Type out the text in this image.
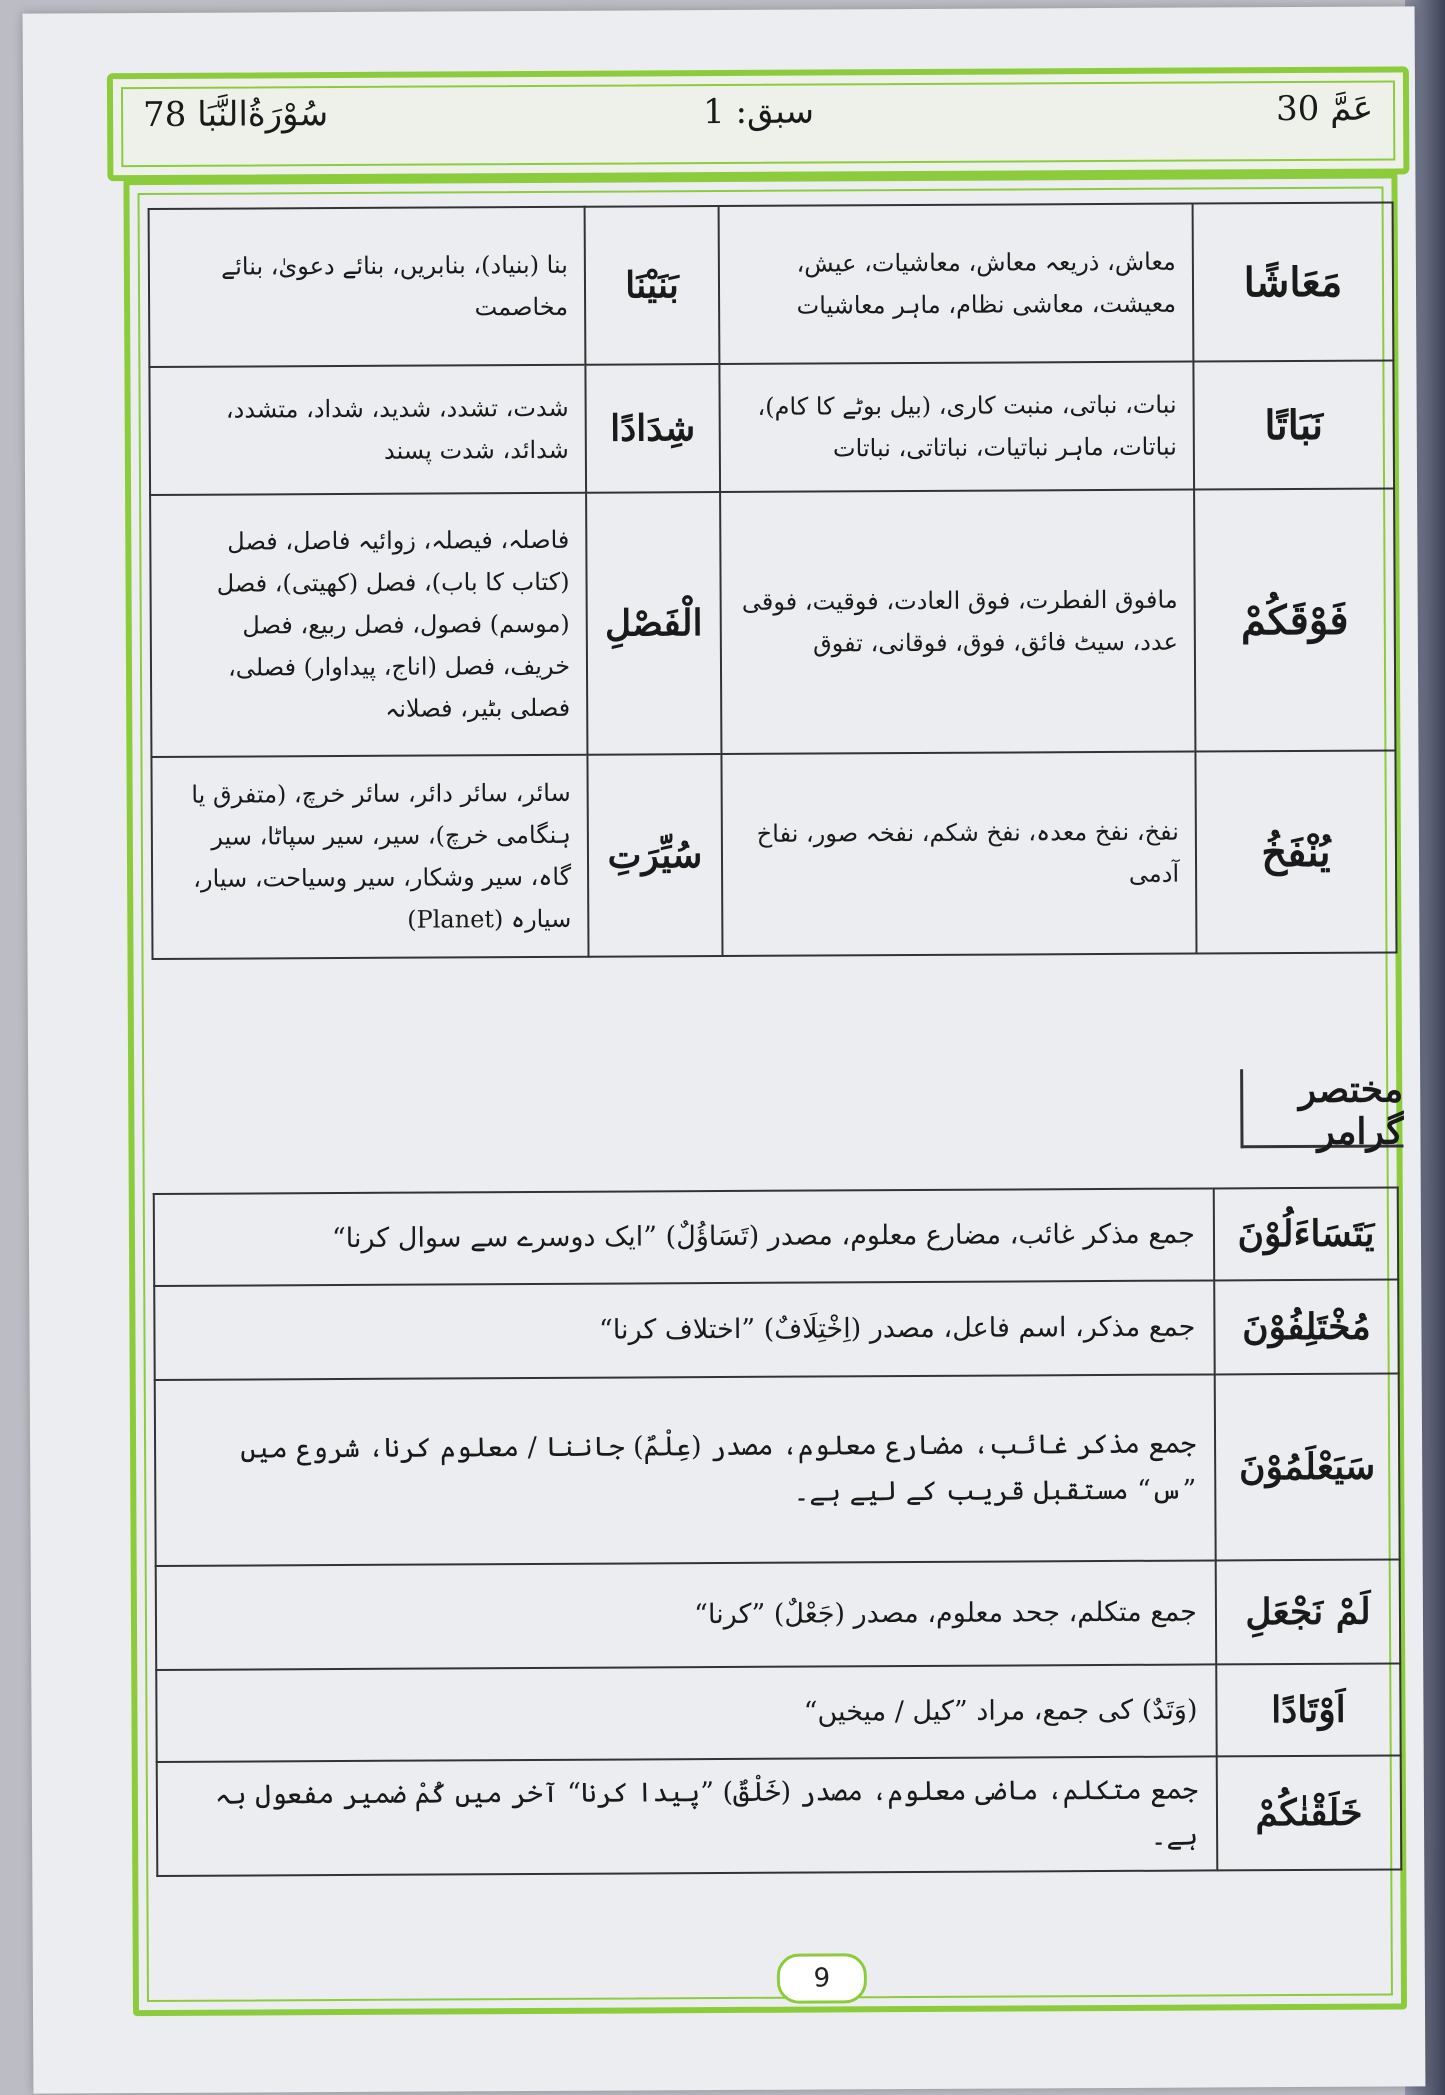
سُوْرَةُالنَّبَا 78	سبق: 1	عَمَّ 30
مَعَاشًا	معاش، ذریعہ معاش، معاشیات، عیش، معیشت، معاشی نظام، ماہر معاشیات	بَنَيْنَا	بنا (بنیاد)، بنابریں، بنائے دعویٰ، بنائے مخاصمت
نَبَاتًا	نبات، نباتی، منبت کاری، (بیل بوٹے کا کام)، نباتات، ماہر نباتیات، نباتاتی، نباتات	شِدَادًا	شدت، تشدد، شدید، شداد، متشدد، شدائد، شدت پسند
فَوْقَكُمْ	مافوق الفطرت، فوق العادت، فوقیت، فوقی عدد، سیٹ فائق، فوق، فوقانی، تفوق	الْفَصْلِ	فاصلہ، فیصلہ، زوائیہ فاصل، فصل (کتاب کا باب)، فصل (کھیتی)، فصل (موسم) فصول، فصل ربیع، فصل خریف، فصل (اناج، پیداوار) فصلی، فصلی بٹیر، فصلانہ
يُنْفَخُ	نفخ، نفخ معدہ، نفخ شکم، نفخہ صور، نفاخ آدمی	سُيِّرَتِ	سائر، سائر دائر، سائر خرچ، (متفرق یا ہنگامی خرچ)، سیر، سیر سپاٹا، سیر گاہ، سیر وشکار، سیر وسیاحت، سیار، سیارہ (Planet)
مختصر گرامر
يَتَسَاءَلُوْنَ	جمع مذکر غائب، مضارع معلوم، مصدر (تَسَاؤُلٌ) ”ایک دوسرے سے سوال کرنا“
مُخْتَلِفُوْنَ	جمع مذکر، اسم فاعل، مصدر (اِخْتِلَافٌ) ”اختلاف کرنا“
سَيَعْلَمُوْنَ	جمع مذکر غائب، مضارع معلوم، مصدر (عِلْمٌ) جاننا / معلوم کرنا، شروع میں ”س“ مستقبل قریب کے لیے ہے۔
لَمْ نَجْعَلِ	جمع متکلم، جحد معلوم، مصدر (جَعْلٌ) ”کرنا“
اَوْتَادًا	(وَتَدٌ) کی جمع، مراد ”کیل / میخیں“
خَلَقْنٰكُمْ	جمع متکلم، ماضی معلوم، مصدر (خَلْقٌ) ”پیدا کرنا“ آخر میں کُمْ ضمیر مفعول بہ ہے۔
9
